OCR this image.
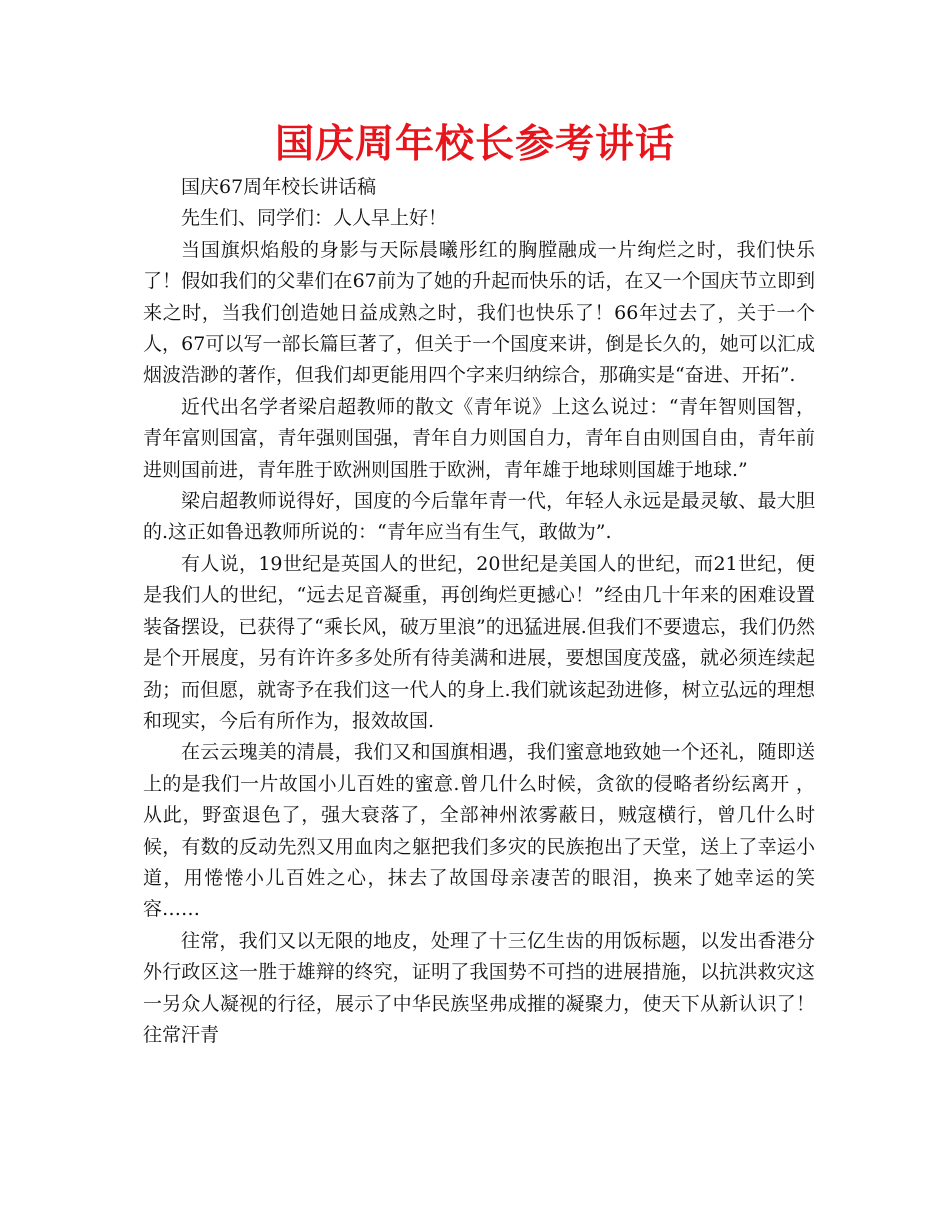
国庆周年校长参考讲话

国庆67周年校长讲话稿

先生们、同学们：人人早上好！

当国旗炽焰般的身影与天际晨曦彤红的胸膛融成一片绚烂之时，我们快乐了！假如我们的父辈们在67前为了她的升起而快乐的话，在又一个国庆节立即到来之时，当我们创造她日益成熟之时，我们也快乐了！66年过去了，关于一个人，67可以写一部长篇巨著了，但关于一个国度来讲，倒是长久的，她可以汇成烟波浩渺的著作，但我们却更能用四个字来归纳综合，那确实是“奋进、开拓”.

近代出名学者梁启超教师的散文《青年说》上这么说过：“青年智则国智，青年富则国富，青年强则国强，青年自力则国自力，青年自由则国自由，青年前进则国前进，青年胜于欧洲则国胜于欧洲，青年雄于地球则国雄于地球.”

梁启超教师说得好，国度的今后靠年青一代，年轻人永远是最灵敏、最大胆的.这正如鲁迅教师所说的：“青年应当有生气，敢做为”.

有人说，19世纪是英国人的世纪，20世纪是美国人的世纪，而21世纪，便是我们人的世纪，“远去足音凝重，再创绚烂更撼心！”经由几十年来的困难设置装备摆设，已获得了“乘长风，破万里浪”的迅猛进展.但我们不要遗忘，我们仍然是个开展度，另有许许多多处所有待美满和进展，要想国度茂盛，就必须连续起劲；而但愿，就寄予在我们这一代人的身上.我们就该起劲进修，树立弘远的理想和现实，今后有所作为，报效故国.

在云云瑰美的清晨，我们又和国旗相遇，我们蜜意地致她一个还礼，随即送上的是我们一片故国小儿百姓的蜜意.曾几什么时候，贪欲的侵略者纷纭离开 ，从此，野蛮退色了，强大衰落了，全部神州浓雾蔽日，贼寇横行，曾几什么时候，有数的反动先烈又用血肉之躯把我们多灾的民族抱出了天堂，送上了幸运小道，用惓惓小儿百姓之心，抹去了故国母亲凄苦的眼泪，换来了她幸运的笑容……

往常，我们又以无限的地皮，处理了十三亿生齿的用饭标题，以发出香港分外行政区这一胜于雄辩的终究，证明了我国势不可挡的进展措施，以抗洪救灾这一另众人凝视的行径，展示了中华民族坚弗成摧的凝聚力，使天下从新认识了！往常汗青
